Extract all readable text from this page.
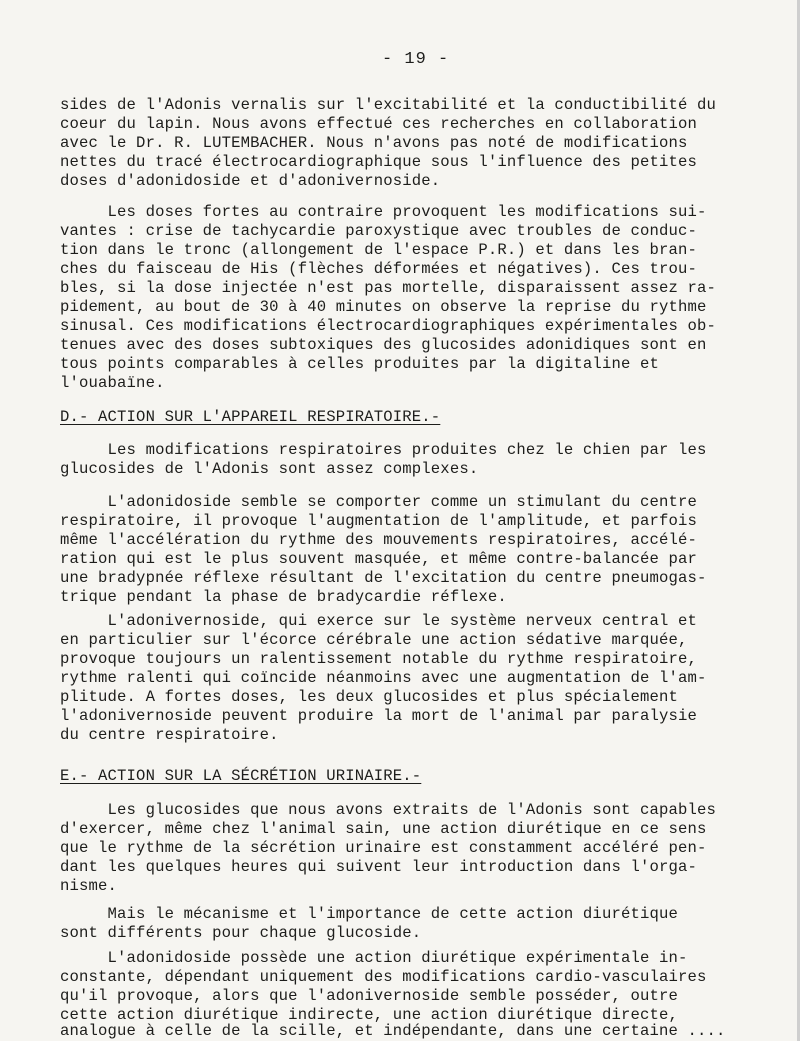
- 19 -
sides de l'Adonis vernalis sur l'excitabilité et la conductibilité du
coeur du lapin. Nous avons effectué ces recherches en collaboration
avec le Dr. R. LUTEMBACHER. Nous n'avons pas noté de modifications
nettes du tracé électrocardiographique sous l'influence des petites
doses d'adonidoside et d'adonivernoside.
Les doses fortes au contraire provoquent les modifications sui-
vantes : crise de tachycardie paroxystique avec troubles de conduc-
tion dans le tronc (allongement de l'espace P.R.) et dans les bran-
ches du faisceau de His (flèches déformées et négatives). Ces trou-
bles, si la dose injectée n'est pas mortelle, disparaissent assez ra-
pidement, au bout de 30 à 40 minutes on observe la reprise du rythme
sinusal. Ces modifications électrocardiographiques expérimentales ob-
tenues avec des doses subtoxiques des glucosides adonidiques sont en
tous points comparables à celles produites par la digitaline et
l'ouabaïne.
D.- ACTION SUR L'APPAREIL RESPIRATOIRE.-
Les modifications respiratoires produites chez le chien par les
glucosides de l'Adonis sont assez complexes.
L'adonidoside semble se comporter comme un stimulant du centre
respiratoire, il provoque l'augmentation de l'amplitude, et parfois
même l'accélération du rythme des mouvements respiratoires, accélé-
ration qui est le plus souvent masquée, et même contre-balancée par
une bradypnée réflexe résultant de l'excitation du centre pneumogas-
trique pendant la phase de bradycardie réflexe.
L'adonivernoside, qui exerce sur le système nerveux central et
en particulier sur l'écorce cérébrale une action sédative marquée,
provoque toujours un ralentissement notable du rythme respiratoire,
rythme ralenti qui coïncide néanmoins avec une augmentation de l'am-
plitude. A fortes doses, les deux glucosides et plus spécialement
l'adonivernoside peuvent produire la mort de l'animal par paralysie
du centre respiratoire.
E.- ACTION SUR LA SÉCRÉTION URINAIRE.-
Les glucosides que nous avons extraits de l'Adonis sont capables
d'exercer, même chez l'animal sain, une action diurétique en ce sens
que le rythme de la sécrétion urinaire est constamment accéléré pen-
dant les quelques heures qui suivent leur introduction dans l'orga-
nisme.
Mais le mécanisme et l'importance de cette action diurétique
sont différents pour chaque glucoside.
L'adonidoside possède une action diurétique expérimentale in-
constante, dépendant uniquement des modifications cardio-vasculaires
qu'il provoque, alors que l'adonivernoside semble posséder, outre
cette action diurétique indirecte, une action diurétique directe,
analogue à celle de la scille, et indépendante, dans une certaine ....
